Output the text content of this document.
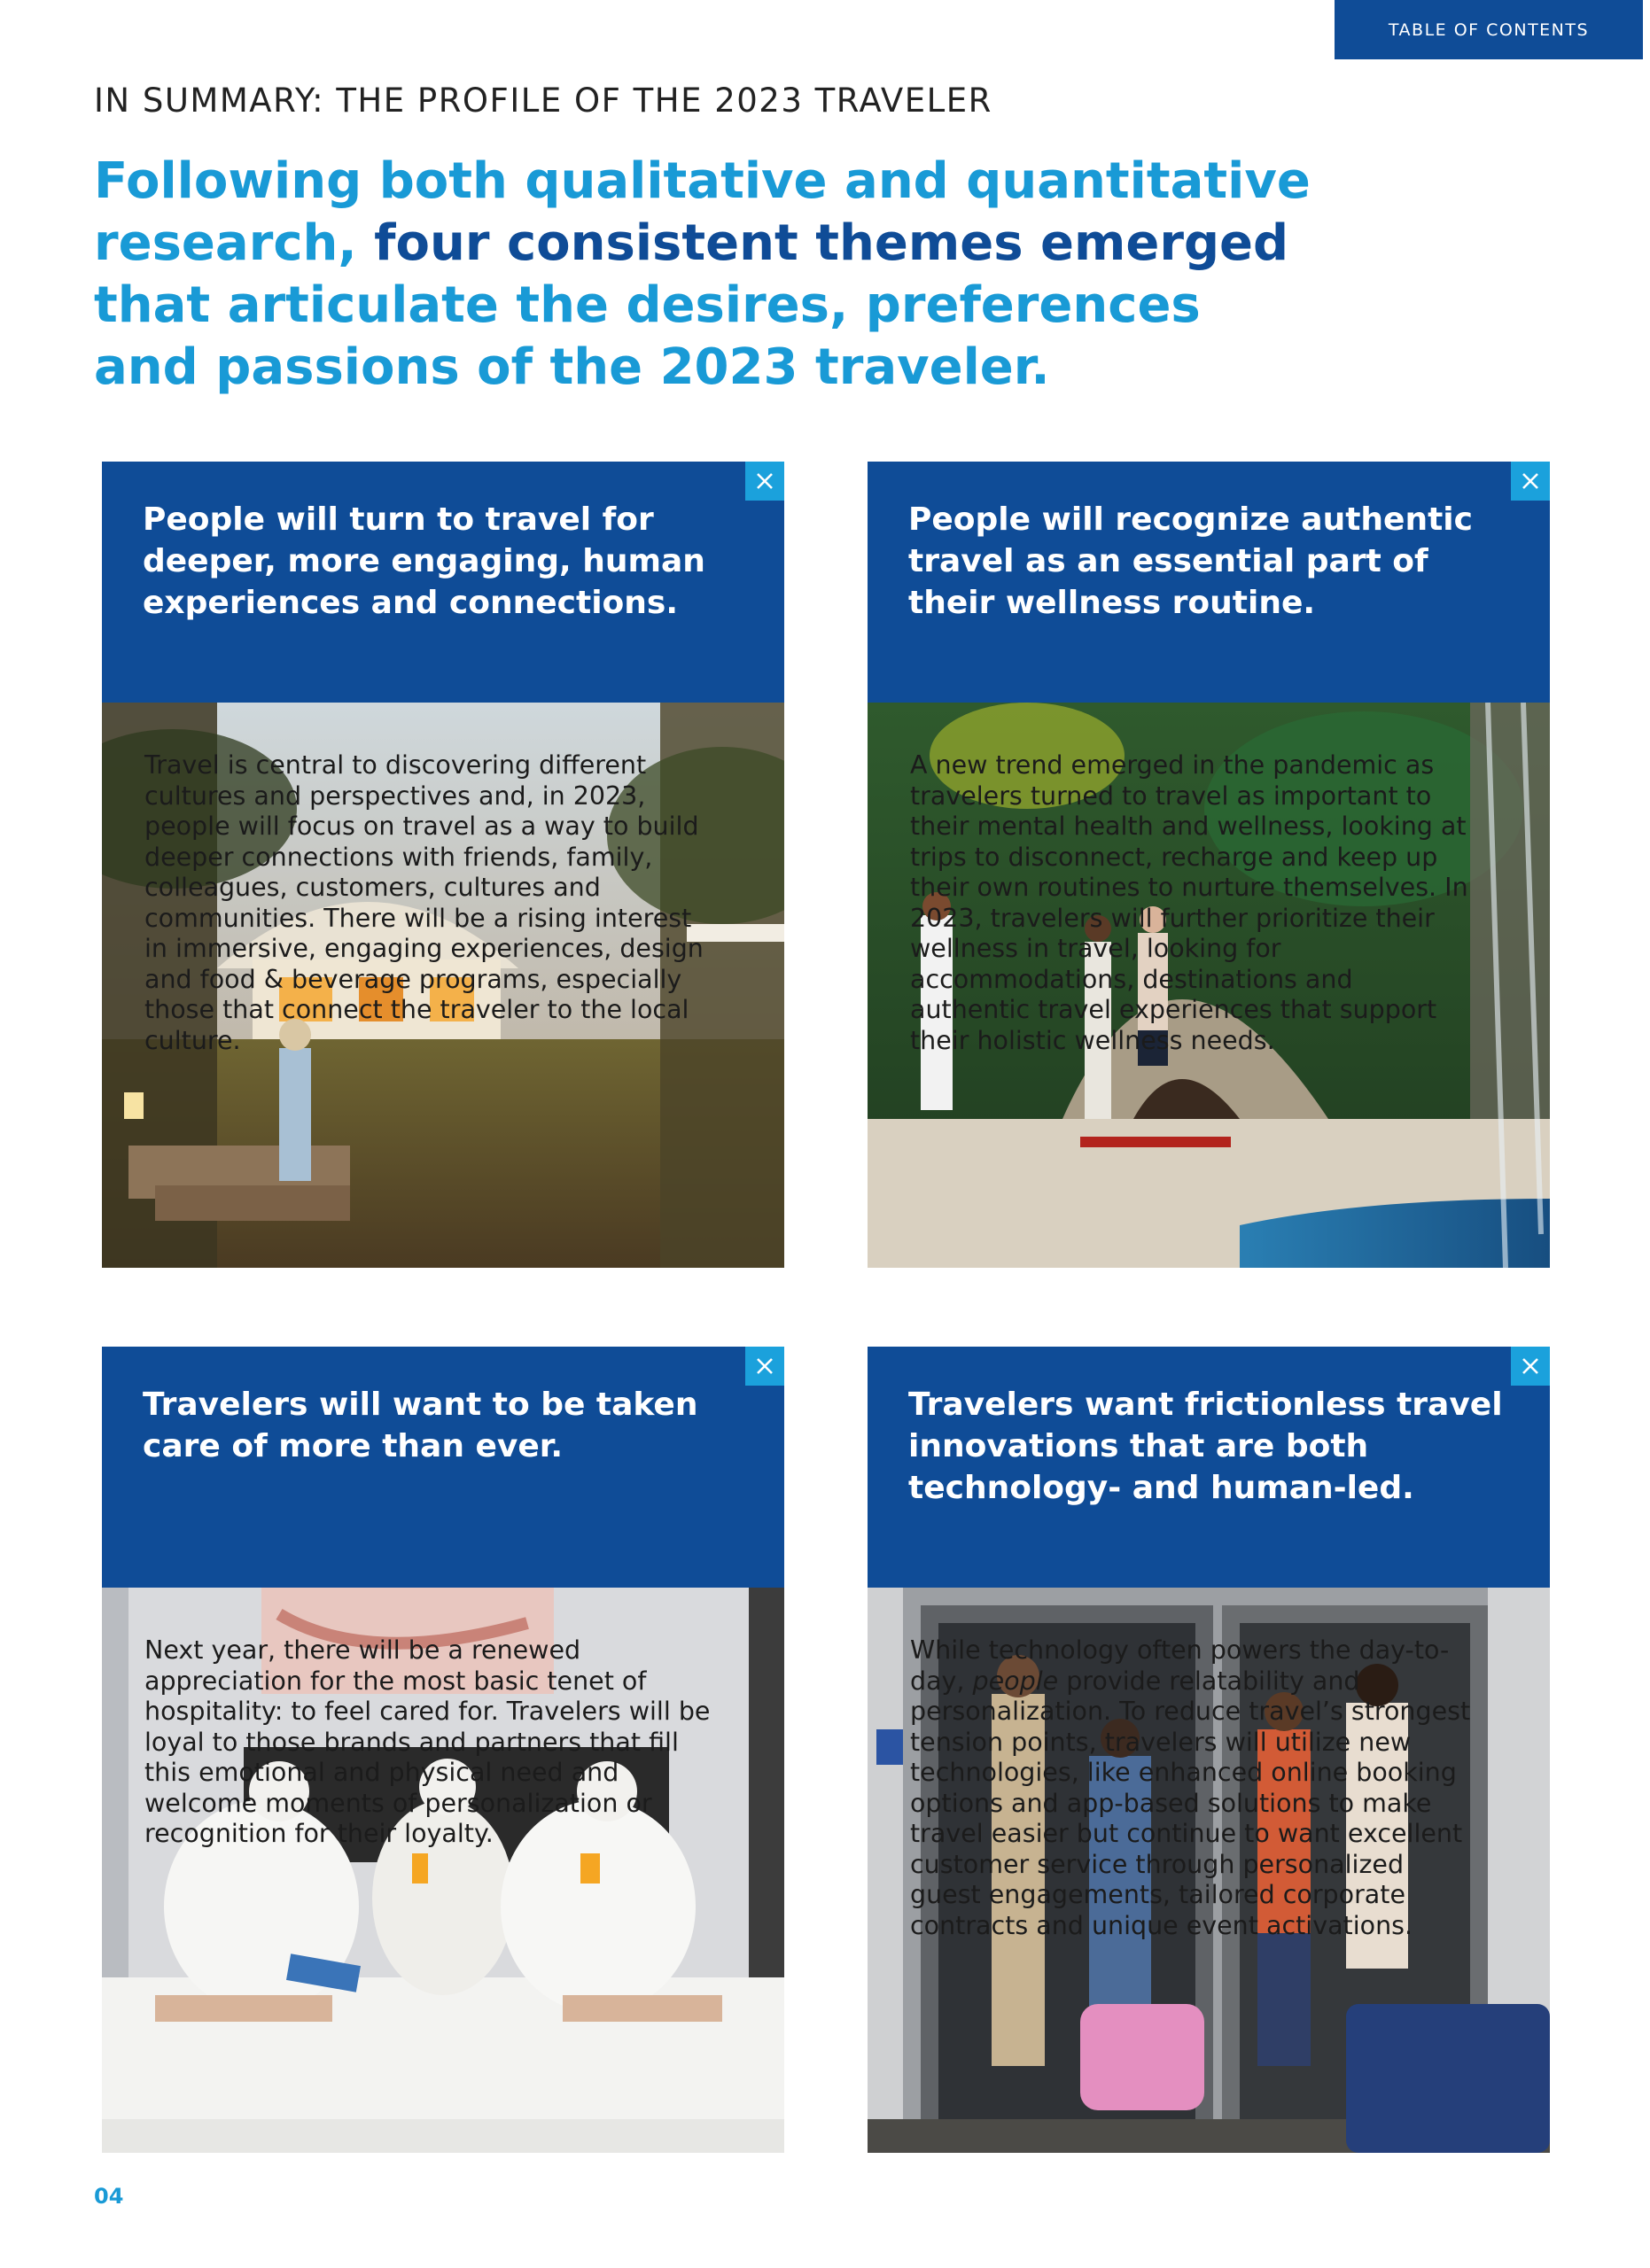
TABLE OF CONTENTS
IN SUMMARY: THE PROFILE OF THE 2023 TRAVELER
Following both qualitative and quantitative research, four consistent themes emerged that articulate the desires, preferences and passions of the 2023 traveler.
People will turn to travel for deeper, more engaging, human experiences and connections.

Travel is central to discovering different cultures and perspectives and, in 2023, people will focus on travel as a way to build deeper connections with friends, family, colleagues, customers, cultures and communities. There will be a rising interest in immersive, engaging experiences, design and food & beverage programs, especially those that connect the traveler to the local culture.

People will recognize authentic travel as an essential part of their wellness routine.

A new trend emerged in the pandemic as travelers turned to travel as important to their mental health and wellness, looking at trips to disconnect, recharge and keep up their own routines to nurture themselves. In 2023, travelers will further prioritize their wellness in travel, looking for accommodations, destinations and authentic travel experiences that support their holistic wellness needs.

Travelers will want to be taken care of more than ever.

Next year, there will be a renewed appreciation for the most basic tenet of hospitality: to feel cared for. Travelers will be loyal to those brands and partners that fill this emotional and physical need and welcome moments of personalization or recognition for their loyalty.

Travelers want frictionless travel innovations that are both technology- and human-led.

While technology often powers the day-to-day, people provide relatability and personalization. To reduce travel’s strongest tension points, travelers will utilize new technologies, like enhanced online booking options and app-based solutions to make travel easier but continue to want excellent customer service through personalized guest engagements, tailored corporate contracts and unique event activations.

04
